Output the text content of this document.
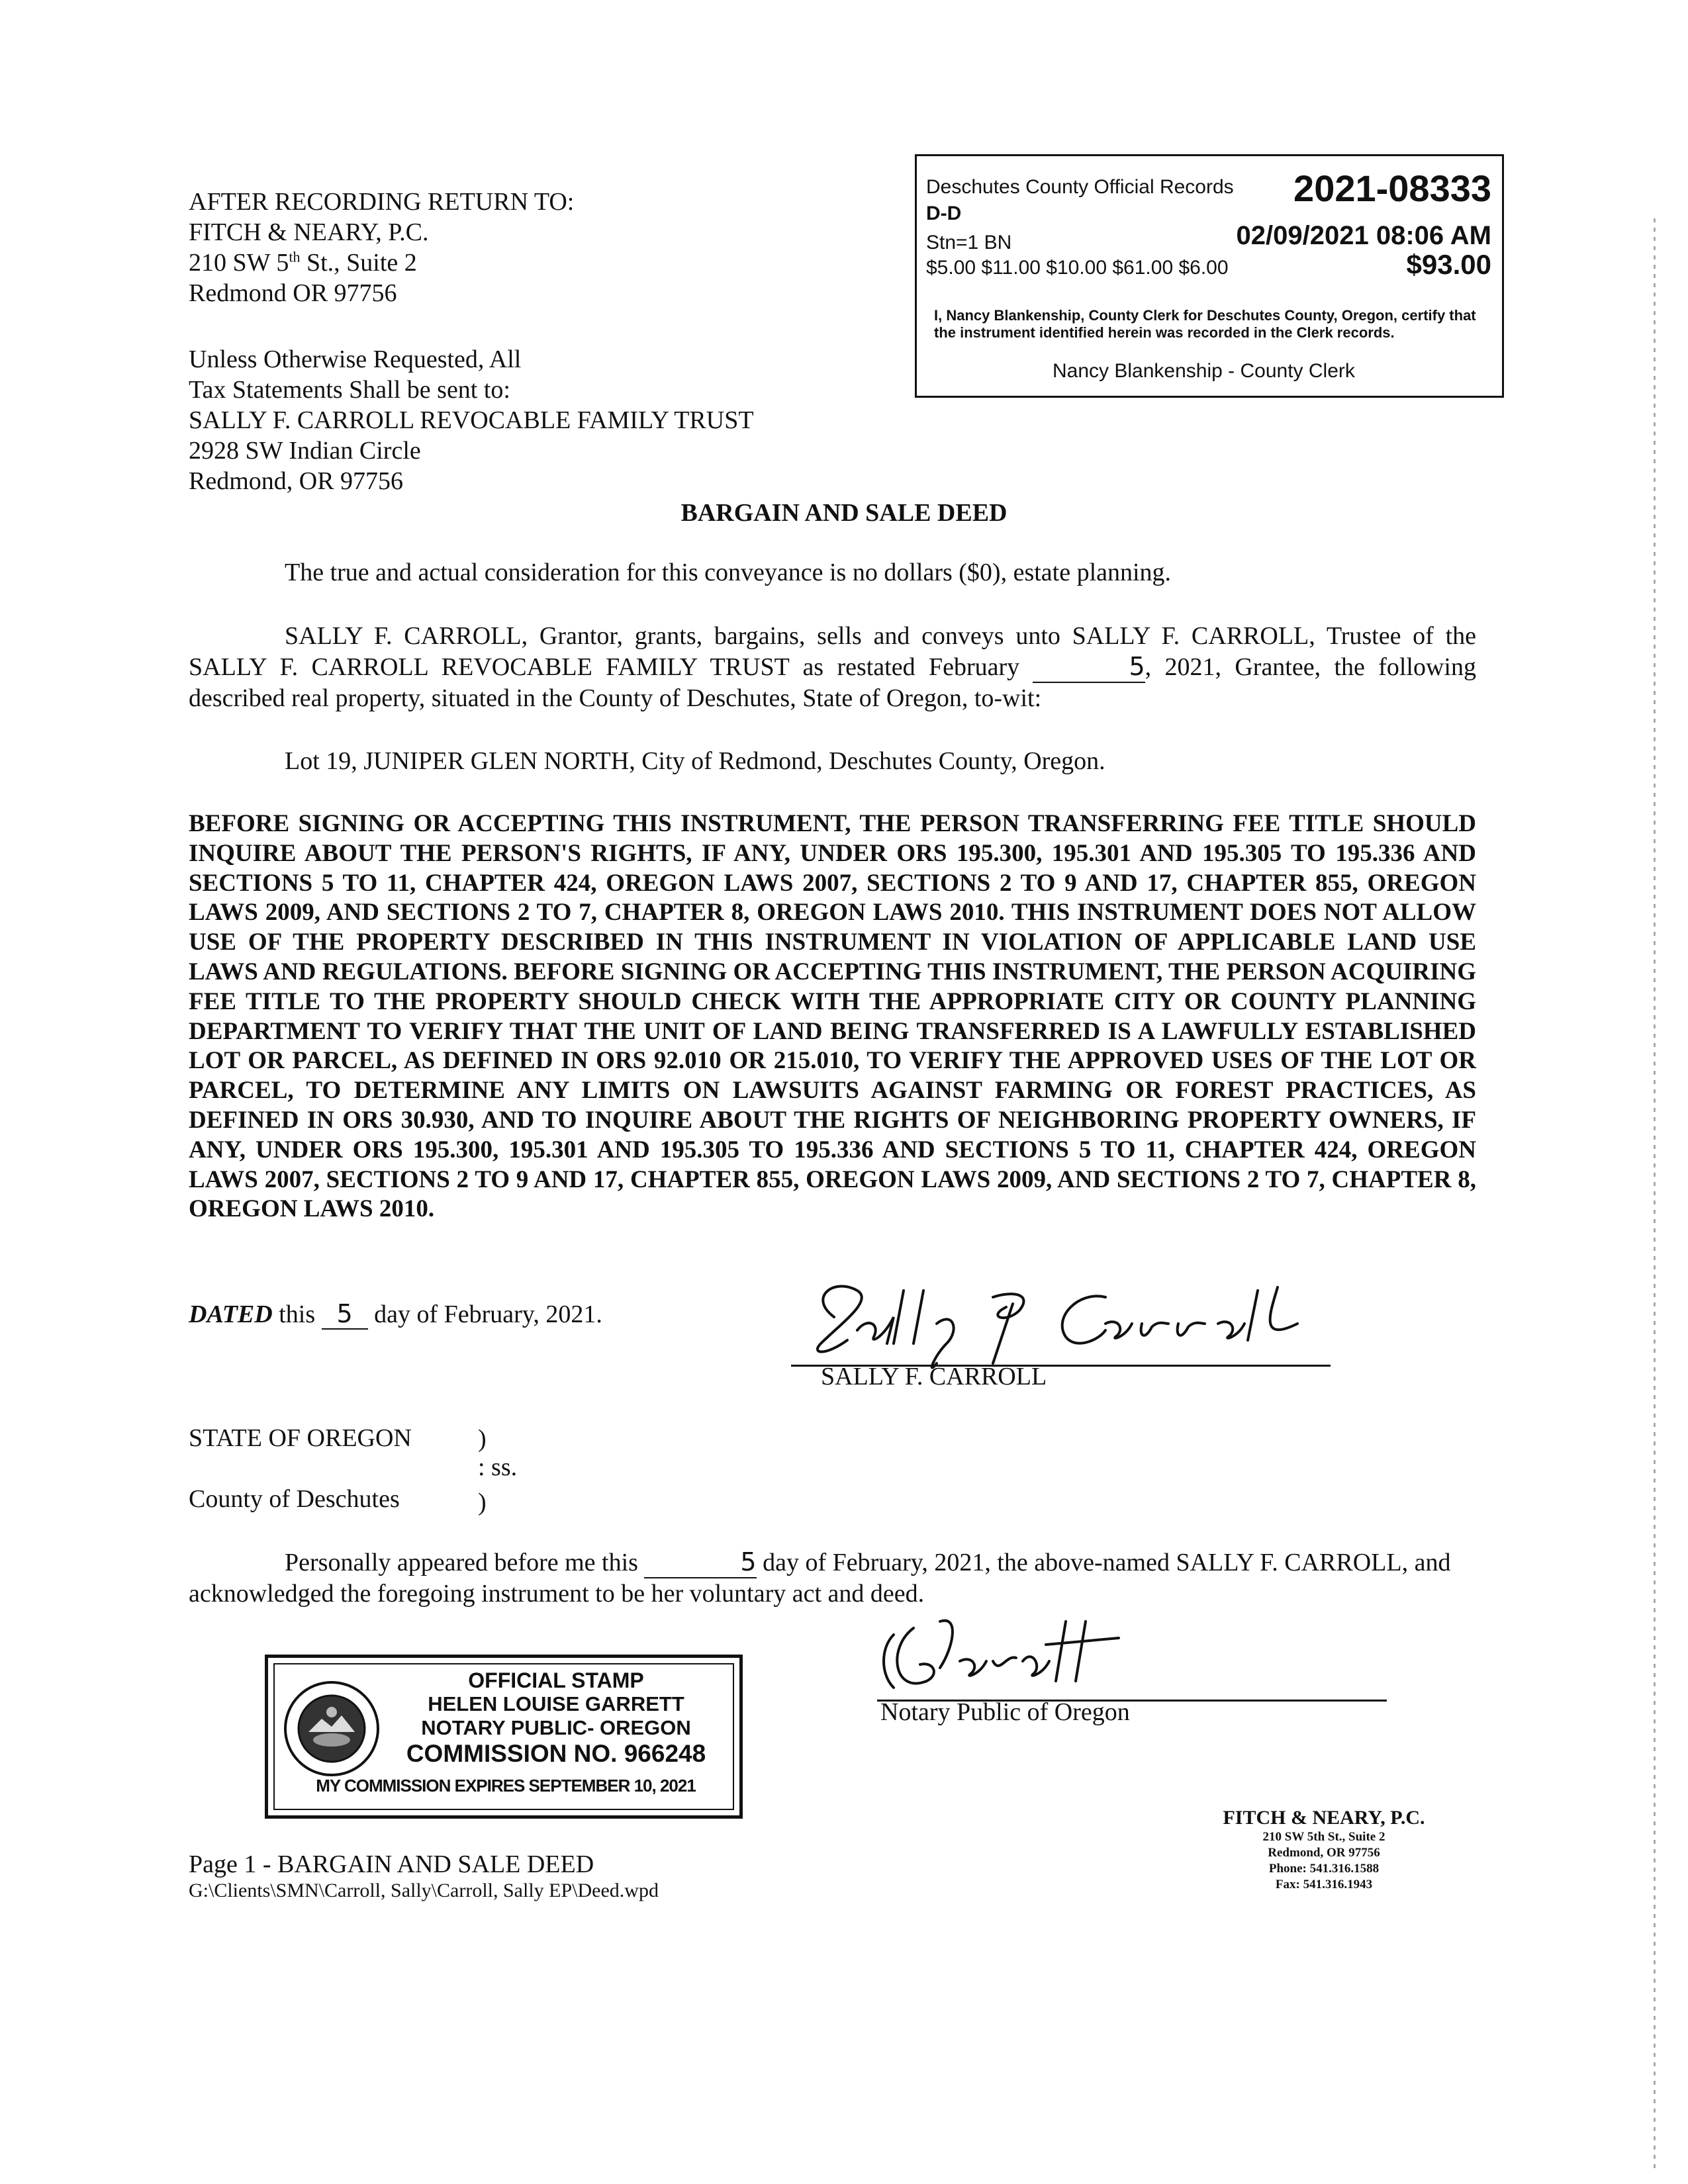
AFTER RECORDING RETURN TO:
FITCH & NEARY, P.C.
210 SW 5th St., Suite 2
Redmond OR 97756
Unless Otherwise Requested, All
Tax Statements Shall be sent to:
SALLY F. CARROLL REVOCABLE FAMILY TRUST
2928 SW Indian Circle
Redmond, OR 97756
Deschutes County Official Records 2021-08333
D-D
Stn=1 BN	02/09/2021 08:06 AM
$5.00 $11.00 $10.00 $61.00 $6.00	$93.00
I, Nancy Blankenship, County Clerk for Deschutes County, Oregon, certify that the instrument identified herein was recorded in the Clerk records.
Nancy Blankenship - County Clerk
BARGAIN AND SALE DEED
The true and actual consideration for this conveyance is no dollars ($0), estate planning.
SALLY F. CARROLL, Grantor, grants, bargains, sells and conveys unto SALLY F. CARROLL, Trustee of the SALLY F. CARROLL REVOCABLE FAMILY TRUST as restated February	5, 2021, Grantee, the following described real property, situated in the County of Deschutes, State of Oregon, to-wit:
Lot 19, JUNIPER GLEN NORTH, City of Redmond, Deschutes County, Oregon.
BEFORE SIGNING OR ACCEPTING THIS INSTRUMENT, THE PERSON TRANSFERRING FEE TITLE SHOULD INQUIRE ABOUT THE PERSON'S RIGHTS, IF ANY, UNDER ORS 195.300, 195.301 AND 195.305 TO 195.336 AND SECTIONS 5 TO 11, CHAPTER 424, OREGON LAWS 2007, SECTIONS 2 TO 9 AND 17, CHAPTER 855, OREGON LAWS 2009, AND SECTIONS 2 TO 7, CHAPTER 8, OREGON LAWS 2010. THIS INSTRUMENT DOES NOT ALLOW USE OF THE PROPERTY DESCRIBED IN THIS INSTRUMENT IN VIOLATION OF APPLICABLE LAND USE LAWS AND REGULATIONS. BEFORE SIGNING OR ACCEPTING THIS INSTRUMENT, THE PERSON ACQUIRING FEE TITLE TO THE PROPERTY SHOULD CHECK WITH THE APPROPRIATE CITY OR COUNTY PLANNING DEPARTMENT TO VERIFY THAT THE UNIT OF LAND BEING TRANSFERRED IS A LAWFULLY ESTABLISHED LOT OR PARCEL, AS DEFINED IN ORS 92.010 OR 215.010, TO VERIFY THE APPROVED USES OF THE LOT OR PARCEL, TO DETERMINE ANY LIMITS ON LAWSUITS AGAINST FARMING OR FOREST PRACTICES, AS DEFINED IN ORS 30.930, AND TO INQUIRE ABOUT THE RIGHTS OF NEIGHBORING PROPERTY OWNERS, IF ANY, UNDER ORS 195.300, 195.301 AND 195.305 TO 195.336 AND SECTIONS 5 TO 11, CHAPTER 424, OREGON LAWS 2007, SECTIONS 2 TO 9 AND 17, CHAPTER 855, OREGON LAWS 2009, AND SECTIONS 2 TO 7, CHAPTER 8, OREGON LAWS 2010.
DATED this 5 day of February, 2021.
SALLY F. CARROLL
STATE OF OREGON

County of Deschutes
)
: ss.
)
Personally appeared before me this	5 day of February, 2021, the above-named SALLY F. CARROLL, and acknowledged the foregoing instrument to be her voluntary act and deed.
Notary Public of Oregon
OFFICIAL STAMP
HELEN LOUISE GARRETT
NOTARY PUBLIC- OREGON
COMMISSION NO. 966248
MY COMMISSION EXPIRES SEPTEMBER 10, 2021
Page 1 - BARGAIN AND SALE DEED
G:\Clients\SMN\Carroll, Sally\Carroll, Sally EP\Deed.wpd
FITCH & NEARY, P.C.
210 SW 5th St., Suite 2
Redmond, OR 97756
Phone: 541.316.1588
Fax: 541.316.1943
